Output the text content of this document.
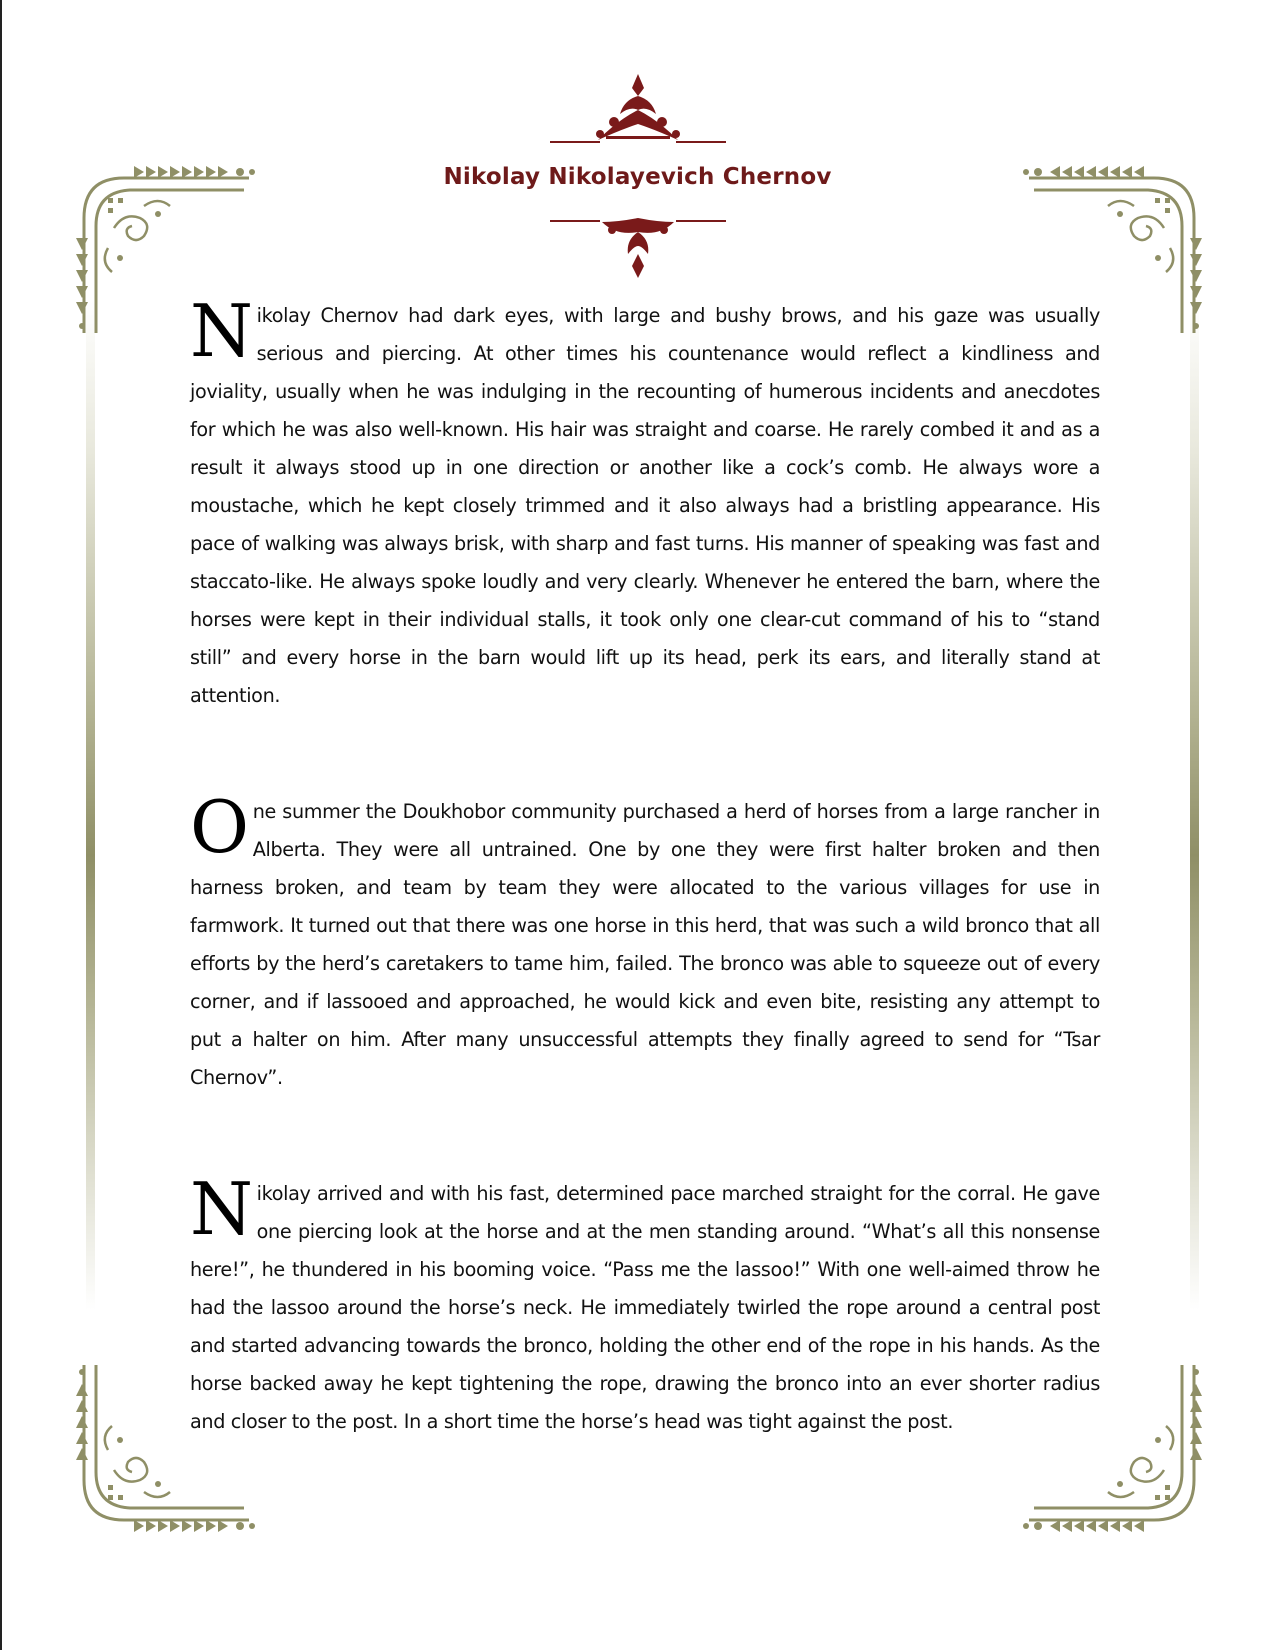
Nikolay Nikolayevich Chernov

Nikolay Chernov had dark eyes, with large and bushy brows, and his gaze was usually serious and piercing. At other times his countenance would reflect a kindliness and joviality, usually when he was indulging in the recounting of humerous incidents and anecdotes for which he was also well-known. His hair was straight and coarse. He rarely combed it and as a result it always stood up in one direction or another like a cock’s comb. He always wore a moustache, which he kept closely trimmed and it also always had a bristling appearance. His pace of walking was always brisk, with sharp and fast turns. His manner of speaking was fast and staccato-like. He always spoke loudly and very clearly. Whenever he entered the barn, where the horses were kept in their individual stalls, it took only one clear-cut command of his to “stand still” and every horse in the barn would lift up its head, perk its ears, and literally stand at attention.

One summer the Doukhobor community purchased a herd of horses from a large rancher in Alberta. They were all untrained. One by one they were first halter broken and then harness broken, and team by team they were allocated to the various villages for use in farmwork. It turned out that there was one horse in this herd, that was such a wild bronco that all efforts by the herd’s caretakers to tame him, failed. The bronco was able to squeeze out of every corner, and if lassooed and approached, he would kick and even bite, resisting any attempt to put a halter on him. After many unsuccessful attempts they finally agreed to send for “Tsar Chernov”.

Nikolay arrived and with his fast, determined pace marched straight for the corral. He gave one piercing look at the horse and at the men standing around. “What’s all this nonsense here!”, he thundered in his booming voice. “Pass me the lassoo!” With one well-aimed throw he had the lassoo around the horse’s neck. He immediately twirled the rope around a central post and started advancing towards the bronco, holding the other end of the rope in his hands. As the horse backed away he kept tightening the rope, drawing the bronco into an ever shorter radius and closer to the post. In a short time the horse’s head was tight against the post.
